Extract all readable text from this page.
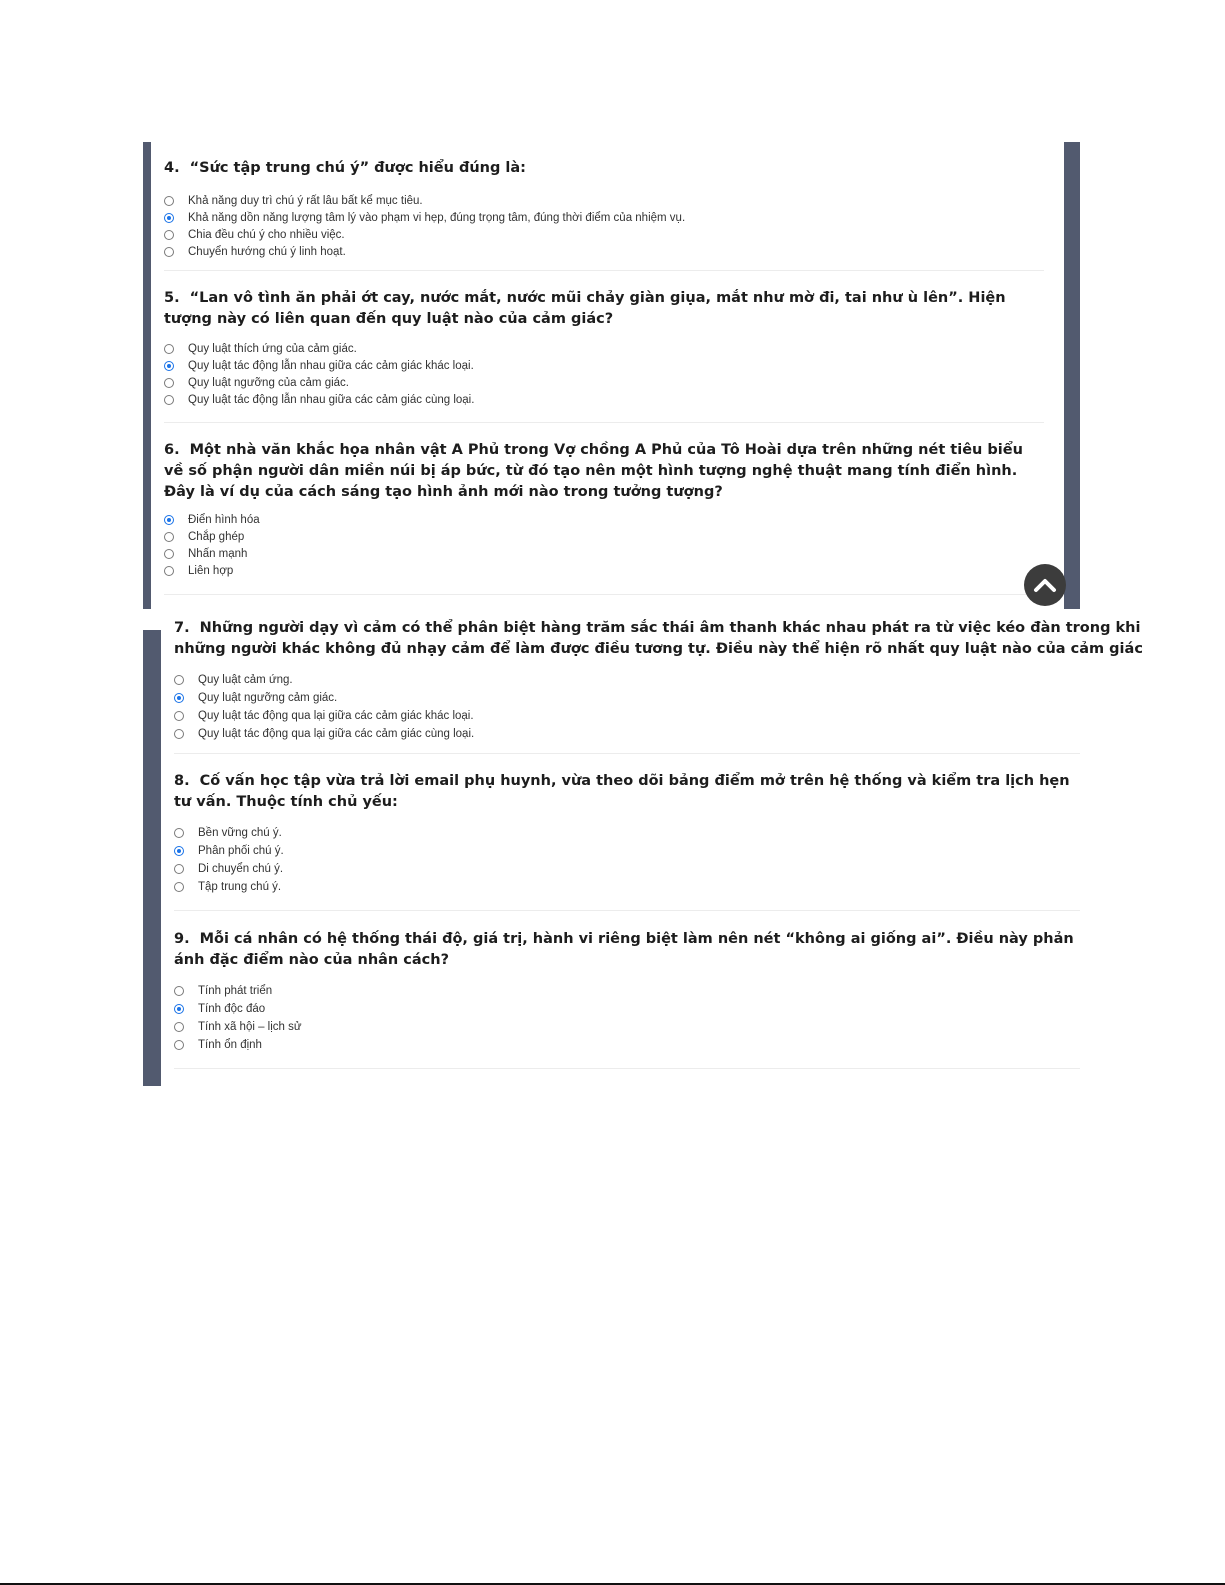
4. “Sức tập trung chú ý” được hiểu đúng là:

Khả năng duy trì chú ý rất lâu bất kể mục tiêu.
Khả năng dồn năng lượng tâm lý vào phạm vi hẹp, đúng trọng tâm, đúng thời điểm của nhiệm vụ.
Chia đều chú ý cho nhiều việc.
Chuyển hướng chú ý linh hoạt.

5. “Lan vô tình ăn phải ớt cay, nước mắt, nước mũi chảy giàn giụa, mắt như mờ đi, tai như ù lên”. Hiện tượng này có liên quan đến quy luật nào của cảm giác?

Quy luật thích ứng của cảm giác.
Quy luật tác động lẫn nhau giữa các cảm giác khác loại.
Quy luật ngưỡng của cảm giác.
Quy luật tác động lẫn nhau giữa các cảm giác cùng loại.

6. Một nhà văn khắc họa nhân vật A Phủ trong Vợ chồng A Phủ của Tô Hoài dựa trên những nét tiêu biểu về số phận người dân miền núi bị áp bức, từ đó tạo nên một hình tượng nghệ thuật mang tính điển hình. Đây là ví dụ của cách sáng tạo hình ảnh mới nào trong tưởng tượng?

Điển hình hóa
Chắp ghép
Nhấn mạnh
Liên hợp

7. Những người dạy vì cảm có thể phân biệt hàng trăm sắc thái âm thanh khác nhau phát ra từ việc kéo đàn trong khi
những người khác không đủ nhạy cảm để làm được điều tương tự. Điều này thể hiện rõ nhất quy luật nào của cảm giác

Quy luật cảm ứng.
Quy luật ngưỡng cảm giác.
Quy luật tác động qua lại giữa các cảm giác khác loại.
Quy luật tác động qua lại giữa các cảm giác cùng loại.

8. Cố vấn học tập vừa trả lời email phụ huynh, vừa theo dõi bảng điểm mở trên hệ thống và kiểm tra lịch hẹn tư vấn. Thuộc tính chủ yếu:

Bền vững chú ý.
Phân phối chú ý.
Di chuyển chú ý.
Tập trung chú ý.

9. Mỗi cá nhân có hệ thống thái độ, giá trị, hành vi riêng biệt làm nên nét “không ai giống ai”. Điều này phản ánh đặc điểm nào của nhân cách?

Tính phát triển
Tính độc đáo
Tính xã hội – lịch sử
Tính ổn định
